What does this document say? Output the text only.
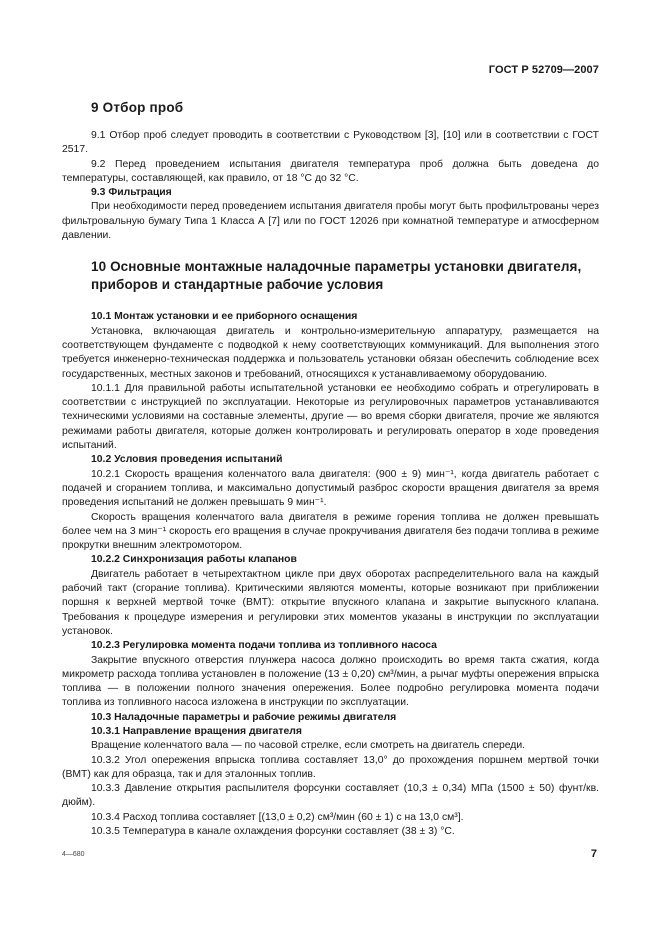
ГОСТ Р 52709—2007
9 Отбор проб

9.1 Отбор проб следует проводить в соответствии с Руководством [3], [10] или в соответствии с ГОСТ 2517.

9.2 Перед проведением испытания двигателя температура проб должна быть доведена до температуры, составляющей, как правило, от 18 °С до 32 °С.

9.3 Фильтрация

При необходимости перед проведением испытания двигателя пробы могут быть профильтрованы через фильтровальную бумагу Типа 1 Класса А [7] или по ГОСТ 12026 при комнатной температуре и атмосферном давлении.

10 Основные монтажные наладочные параметры установки двигателя, приборов и стандартные рабочие условия
10.1 Монтаж установки и ее приборного оснащения

Установка, включающая двигатель и контрольно-измерительную аппаратуру, размещается на соответствующем фундаменте с подводкой к нему соответствующих коммуникаций. Для выполнения этого требуется инженерно-техническая поддержка и пользователь установки обязан обеспечить соблюдение всех государственных, местных законов и требований, относящихся к устанавливаемому оборудованию.

10.1.1 Для правильной работы испытательной установки ее необходимо собрать и отрегулировать в соответствии с инструкцией по эксплуатации. Некоторые из регулировочных параметров устанавливаются техническими условиями на составные элементы, другие — во время сборки двигателя, прочие же являются режимами работы двигателя, которые должен контролировать и регулировать оператор в ходе проведения испытаний.

10.2 Условия проведения испытаний

10.2.1 Скорость вращения коленчатого вала двигателя: (900 ± 9) мин⁻¹, когда двигатель работает с подачей и сгоранием топлива, и максимально допустимый разброс скорости вращения двигателя за время проведения испытаний не должен превышать 9 мин⁻¹.

Скорость вращения коленчатого вала двигателя в режиме горения топлива не должен превышать более чем на 3 мин⁻¹ скорость его вращения в случае прокручивания двигателя без подачи топлива в режиме прокрутки внешним электромотором.

10.2.2 Синхронизация работы клапанов

Двигатель работает в четырехтактном цикле при двух оборотах распределительного вала на каждый рабочий такт (сгорание топлива). Критическими являются моменты, которые возникают при приближении поршня к верхней мертвой точке (ВМТ): открытие впускного клапана и закрытие выпускного клапана. Требования к процедуре измерения и регулировки этих моментов указаны в инструкции по эксплуатации установок.

10.2.3 Регулировка момента подачи топлива из топливного насоса

Закрытие впускного отверстия плунжера насоса должно происходить во время такта сжатия, когда микрометр расхода топлива установлен в положение (13 ± 0,20) см³/мин, а рычаг муфты опережения впрыска топлива — в положении полного значения опережения. Более подробно регулировка момента подачи топлива из топливного насоса изложена в инструкции по эксплуатации.

10.3 Наладочные параметры и рабочие режимы двигателя
10.3.1 Направление вращения двигателя

Вращение коленчатого вала — по часовой стрелке, если смотреть на двигатель спереди.

10.3.2 Угол опережения впрыска топлива составляет 13,0° до прохождения поршнем мертвой точки (ВМТ) как для образца, так и для эталонных топлив.

10.3.3 Давление открытия распылителя форсунки составляет (10,3 ± 0,34) МПа (1500 ± 50) фунт/кв. дюйм).

10.3.4 Расход топлива составляет [(13,0 ± 0,2) см³/мин (60 ± 1) с на 13,0 см³].

10.3.5 Температура в канале охлаждения форсунки составляет (38 ± 3) °С.

4—680	7
